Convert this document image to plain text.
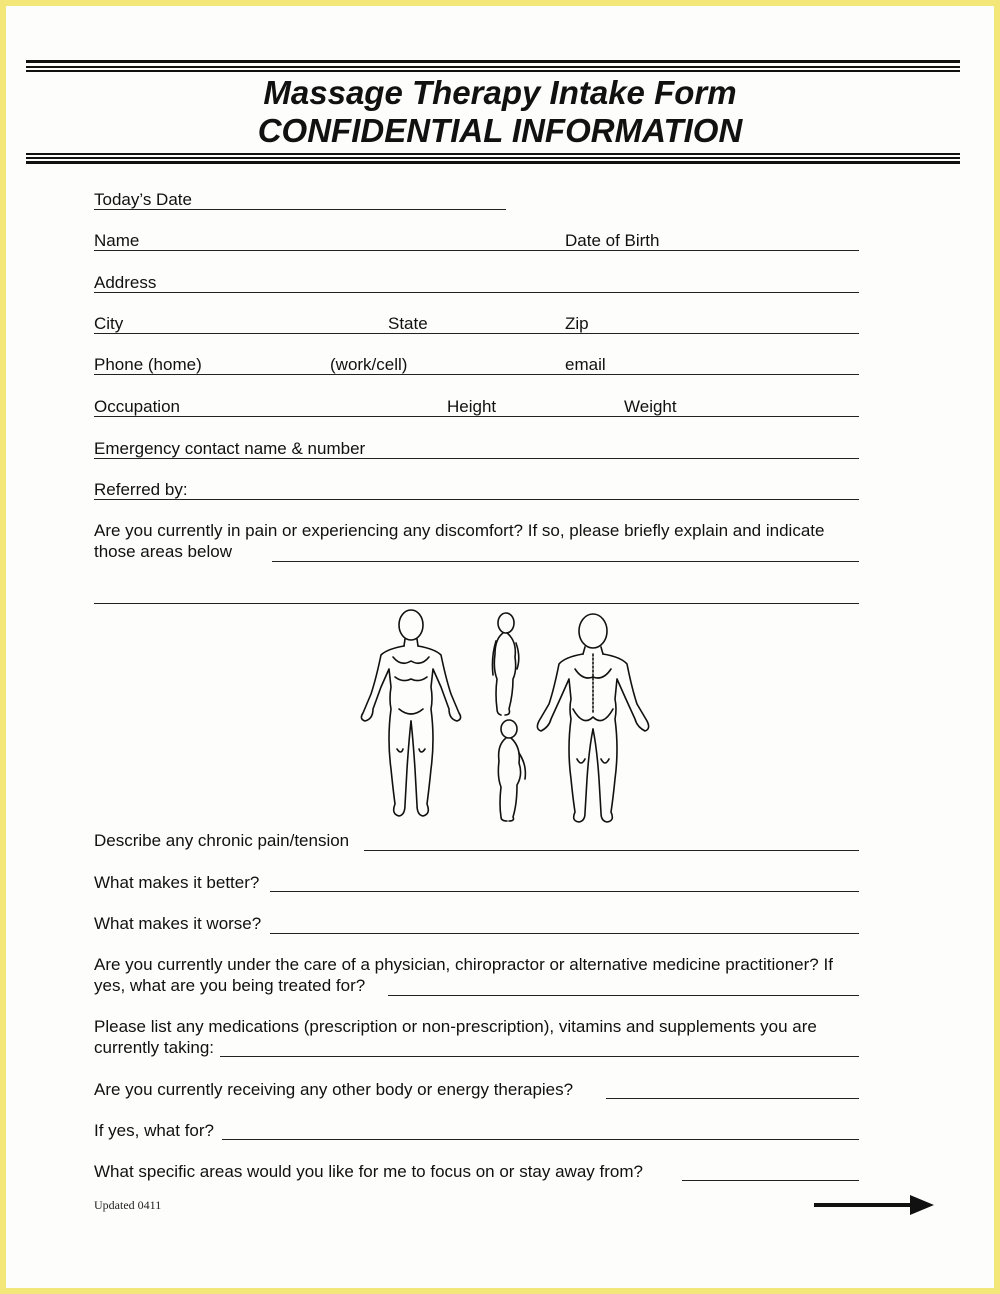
Massage Therapy Intake Form
CONFIDENTIAL INFORMATION
Today’s Date
Name	Date of Birth
Address
City	State	Zip
Phone (home)	(work/cell)	email
Occupation	Height	Weight
Emergency contact name & number
Referred by:
Are you currently in pain or experiencing any discomfort? If so, please briefly explain and indicate
those areas below
Describe any chronic pain/tension
What makes it better?
What makes it worse?
Are you currently under the care of a physician, chiropractor or alternative medicine practitioner? If
yes, what are you being treated for?
Please list any medications (prescription or non-prescription), vitamins and supplements you are
currently taking:
Are you currently receiving any other body or energy therapies?
If yes, what for?
What specific areas would you like for me to focus on or stay away from?
Updated 0411
